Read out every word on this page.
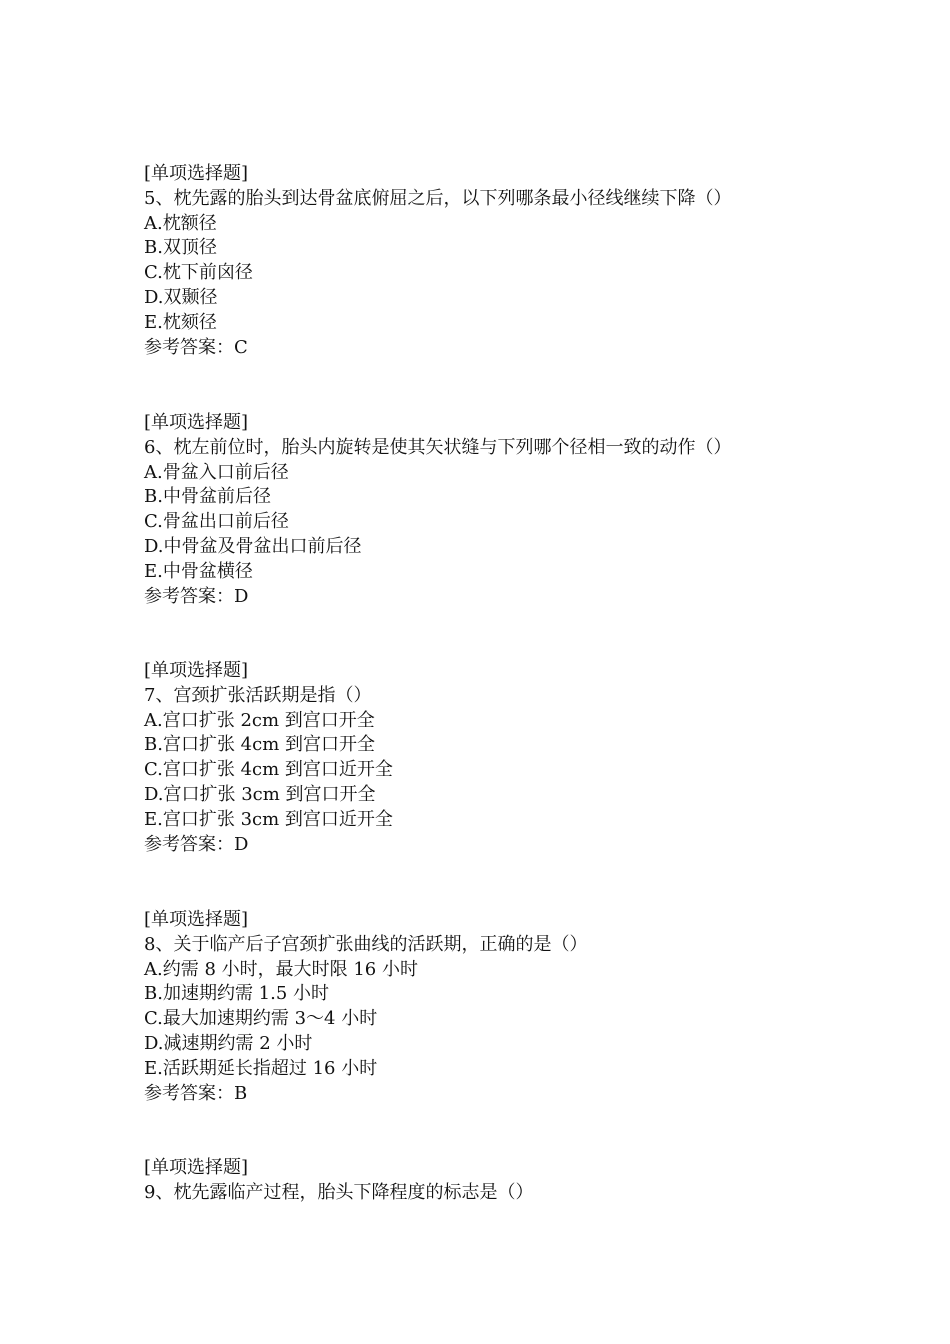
[单项选择题]
5、枕先露的胎头到达骨盆底俯屈之后，以下列哪条最小径线继续下降（）
A.枕额径
B.双顶径
C.枕下前囟径
D.双颞径
E.枕颏径
参考答案：C
[单项选择题]
6、枕左前位时，胎头内旋转是使其矢状缝与下列哪个径相一致的动作（）
A.骨盆入口前后径
B.中骨盆前后径
C.骨盆出口前后径
D.中骨盆及骨盆出口前后径
E.中骨盆横径
参考答案：D
[单项选择题]
7、宫颈扩张活跃期是指（）
A.宫口扩张 2cm 到宫口开全
B.宫口扩张 4cm 到宫口开全
C.宫口扩张 4cm 到宫口近开全
D.宫口扩张 3cm 到宫口开全
E.宫口扩张 3cm 到宫口近开全
参考答案：D
[单项选择题]
8、关于临产后子宫颈扩张曲线的活跃期，正确的是（）
A.约需 8 小时，最大时限 16 小时
B.加速期约需 1.5 小时
C.最大加速期约需 3～4 小时
D.减速期约需 2 小时
E.活跃期延长指超过 16 小时
参考答案：B
[单项选择题]
9、枕先露临产过程，胎头下降程度的标志是（）
